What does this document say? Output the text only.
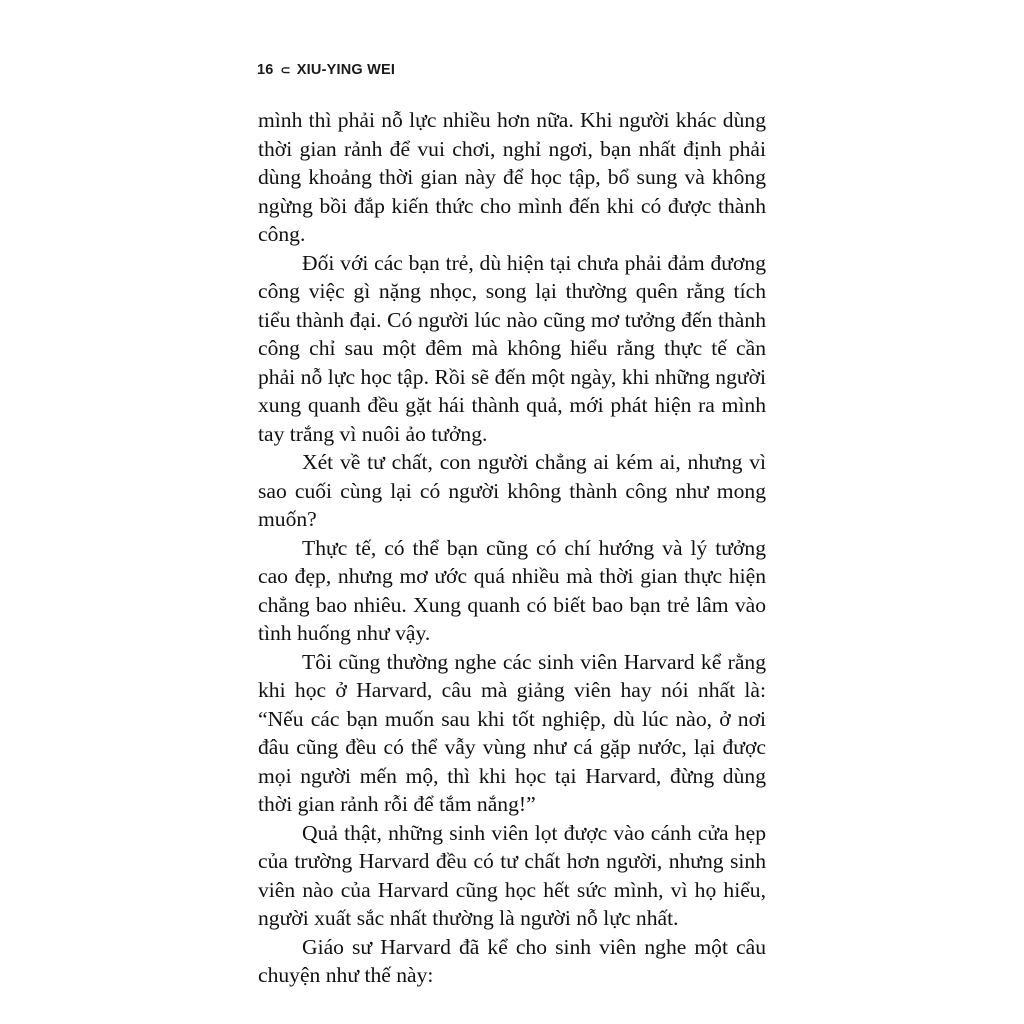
16 ⊂ XIU-YING WEI

mình thì phải nỗ lực nhiều hơn nữa. Khi người khác dùng thời gian rảnh để vui chơi, nghỉ ngơi, bạn nhất định phải dùng khoảng thời gian này để học tập, bổ sung và không ngừng bồi đắp kiến thức cho mình đến khi có được thành công.

Đối với các bạn trẻ, dù hiện tại chưa phải đảm đương công việc gì nặng nhọc, song lại thường quên rằng tích tiểu thành đại. Có người lúc nào cũng mơ tưởng đến thành công chỉ sau một đêm mà không hiểu rằng thực tế cần phải nỗ lực học tập. Rồi sẽ đến một ngày, khi những người xung quanh đều gặt hái thành quả, mới phát hiện ra mình tay trắng vì nuôi ảo tưởng.

Xét về tư chất, con người chẳng ai kém ai, nhưng vì sao cuối cùng lại có người không thành công như mong muốn?

Thực tế, có thể bạn cũng có chí hướng và lý tưởng cao đẹp, nhưng mơ ước quá nhiều mà thời gian thực hiện chẳng bao nhiêu. Xung quanh có biết bao bạn trẻ lâm vào tình huống như vậy.

Tôi cũng thường nghe các sinh viên Harvard kể rằng khi học ở Harvard, câu mà giảng viên hay nói nhất là: “Nếu các bạn muốn sau khi tốt nghiệp, dù lúc nào, ở nơi đâu cũng đều có thể vẫy vùng như cá gặp nước, lại được mọi người mến mộ, thì khi học tại Harvard, đừng dùng thời gian rảnh rỗi để tắm nắng!”

Quả thật, những sinh viên lọt được vào cánh cửa hẹp của trường Harvard đều có tư chất hơn người, nhưng sinh viên nào của Harvard cũng học hết sức mình, vì họ hiểu, người xuất sắc nhất thường là người nỗ lực nhất.

Giáo sư Harvard đã kể cho sinh viên nghe một câu chuyện như thế này:
